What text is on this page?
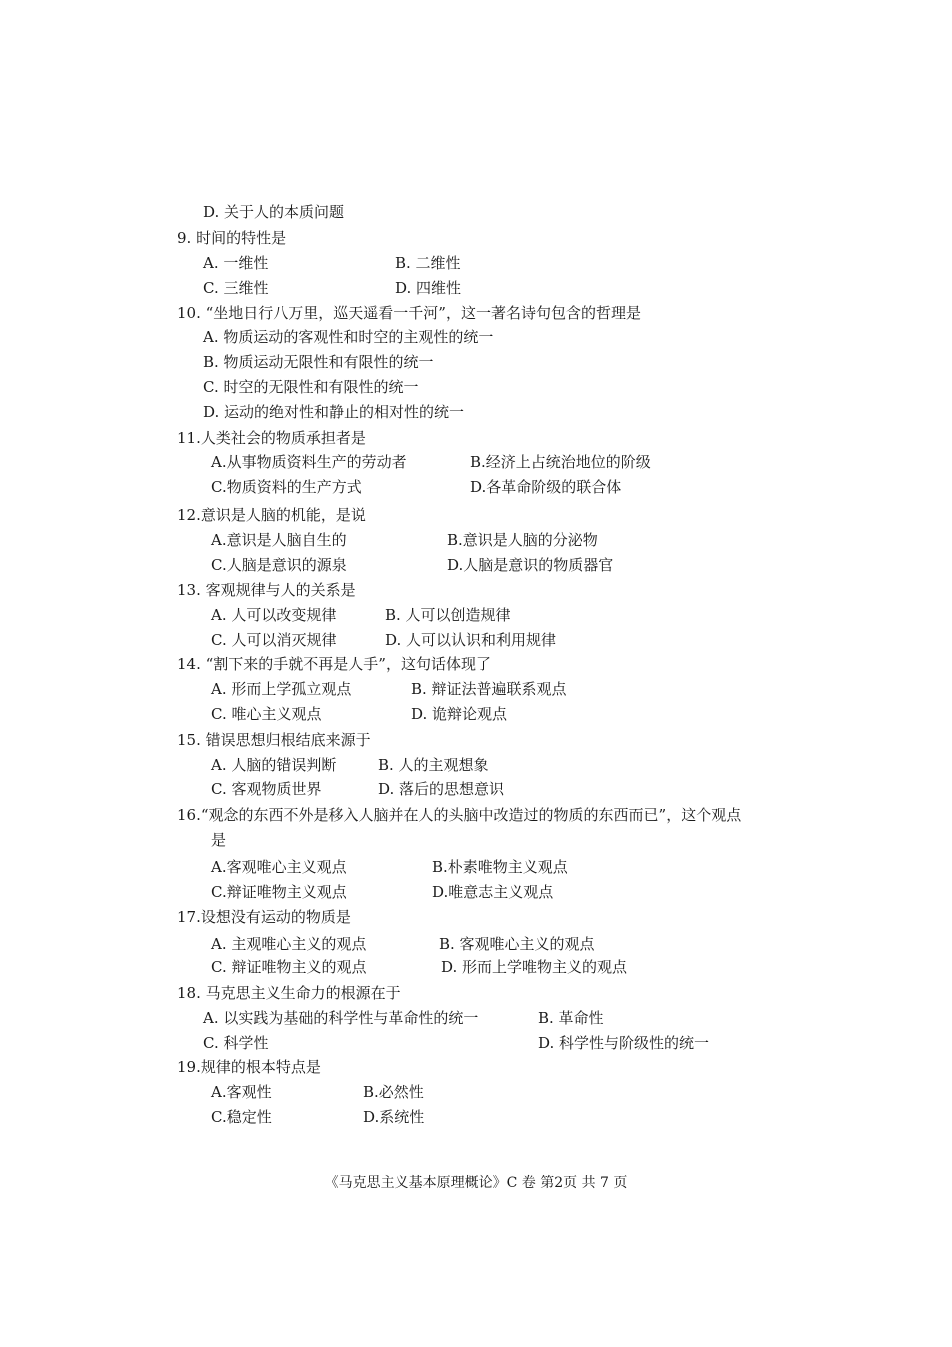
D. 关于人的本质问题
9. 时间的特性是
A. 一维性	B. 二维性
C. 三维性	D. 四维性
10. “坐地日行八万里，巡天遥看一千河”，这一著名诗句包含的哲理是
A. 物质运动的客观性和时空的主观性的统一
B. 物质运动无限性和有限性的统一
C. 时空的无限性和有限性的统一
D. 运动的绝对性和静止的相对性的统一
11.人类社会的物质承担者是
A.从事物质资料生产的劳动者	B.经济上占统治地位的阶级
C.物质资料的生产方式	D.各革命阶级的联合体
12.意识是人脑的机能，是说
A.意识是人脑自生的	B.意识是人脑的分泌物
C.人脑是意识的源泉	D.人脑是意识的物质器官
13. 客观规律与人的关系是
A. 人可以改变规律	B. 人可以创造规律
C. 人可以消灭规律	D. 人可以认识和利用规律
14. “割下来的手就不再是人手”，这句话体现了
A. 形而上学孤立观点	B. 辩证法普遍联系观点
C. 唯心主义观点	D. 诡辩论观点
15. 错误思想归根结底来源于
A. 人脑的错误判断	B. 人的主观想象
C. 客观物质世界	D. 落后的思想意识
16.“观念的东西不外是移入人脑并在人的头脑中改造过的物质的东西而已”，这个观点
是
A.客观唯心主义观点	B.朴素唯物主义观点
C.辩证唯物主义观点	D.唯意志主义观点
17.设想没有运动的物质是
A. 主观唯心主义的观点	B. 客观唯心主义的观点
C. 辩证唯物主义的观点	D. 形而上学唯物主义的观点
18. 马克思主义生命力的根源在于
A. 以实践为基础的科学性与革命性的统一	B. 革命性
C. 科学性	D. 科学性与阶级性的统一
19.规律的根本特点是
A.客观性	B.必然性
C.稳定性	D.系统性
《马克思主义基本原理概论》C 卷 第2页 共 7 页
